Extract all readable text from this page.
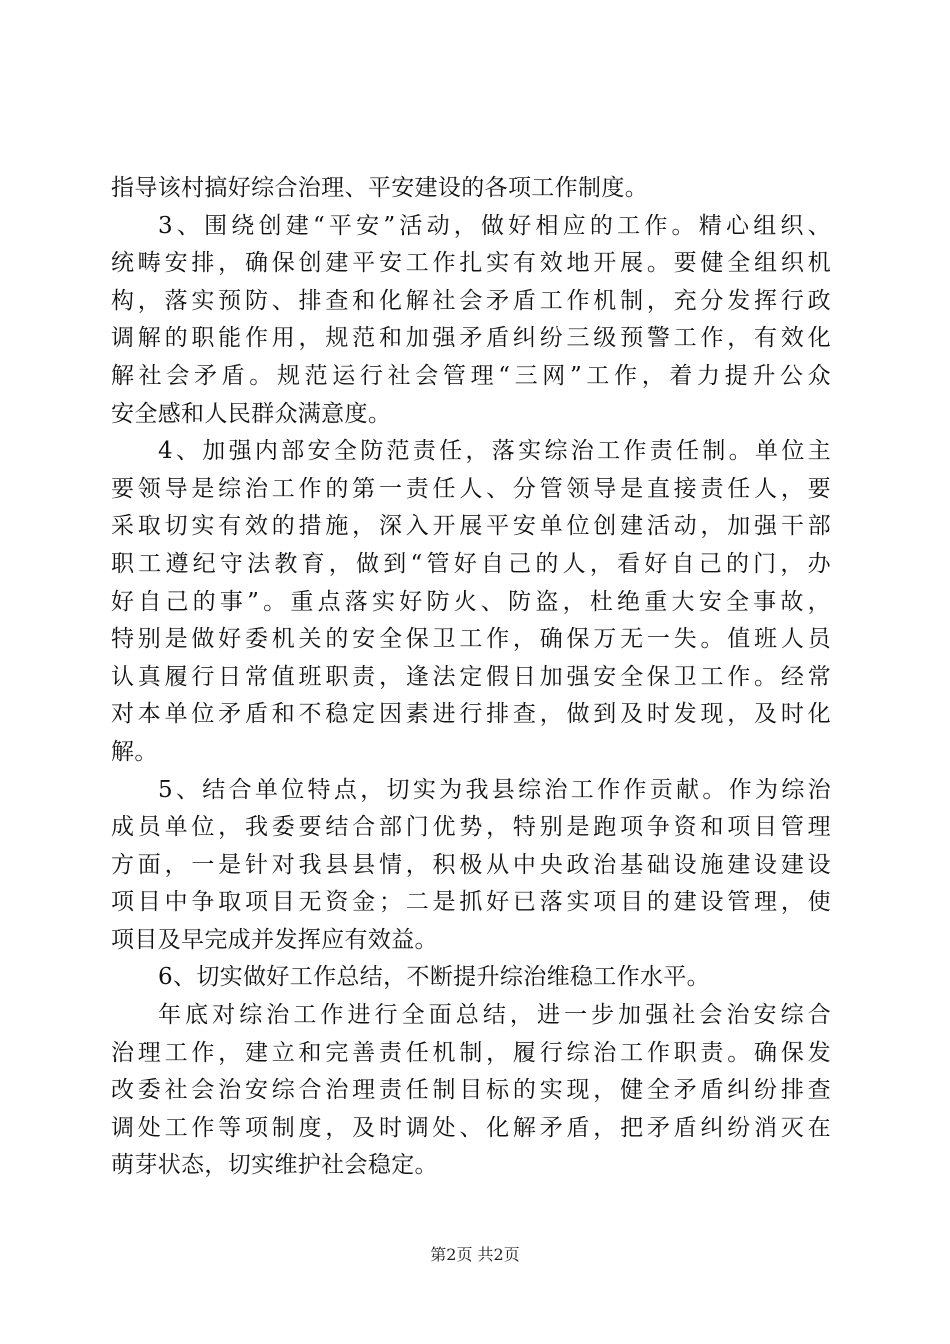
指导该村搞好综合治理、平安建设的各项工作制度。
3、围绕创建“平安”活动，做好相应的工作。精心组织、
统畴安排，确保创建平安工作扎实有效地开展。要健全组织机
构，落实预防、排查和化解社会矛盾工作机制，充分发挥行政
调解的职能作用，规范和加强矛盾纠纷三级预警工作，有效化
解社会矛盾。规范运行社会管理“三网”工作，着力提升公众
安全感和人民群众满意度。
4、加强内部安全防范责任，落实综治工作责任制。单位主
要领导是综治工作的第一责任人、分管领导是直接责任人，要
采取切实有效的措施，深入开展平安单位创建活动，加强干部
职工遵纪守法教育，做到“管好自己的人，看好自己的门，办
好自己的事”。重点落实好防火、防盗，杜绝重大安全事故，
特别是做好委机关的安全保卫工作，确保万无一失。值班人员
认真履行日常值班职责，逢法定假日加强安全保卫工作。经常
对本单位矛盾和不稳定因素进行排查，做到及时发现，及时化
解。
5、结合单位特点，切实为我县综治工作作贡献。作为综治
成员单位，我委要结合部门优势，特别是跑项争资和项目管理
方面，一是针对我县县情，积极从中央政治基础设施建设建设
项目中争取项目无资金；二是抓好已落实项目的建设管理，使
项目及早完成并发挥应有效益。
6、切实做好工作总结，不断提升综治维稳工作水平。
年底对综治工作进行全面总结，进一步加强社会治安综合
治理工作，建立和完善责任机制，履行综治工作职责。确保发
改委社会治安综合治理责任制目标的实现，健全矛盾纠纷排查
调处工作等项制度，及时调处、化解矛盾，把矛盾纠纷消灭在
萌芽状态，切实维护社会稳定。
第2页 共2页
